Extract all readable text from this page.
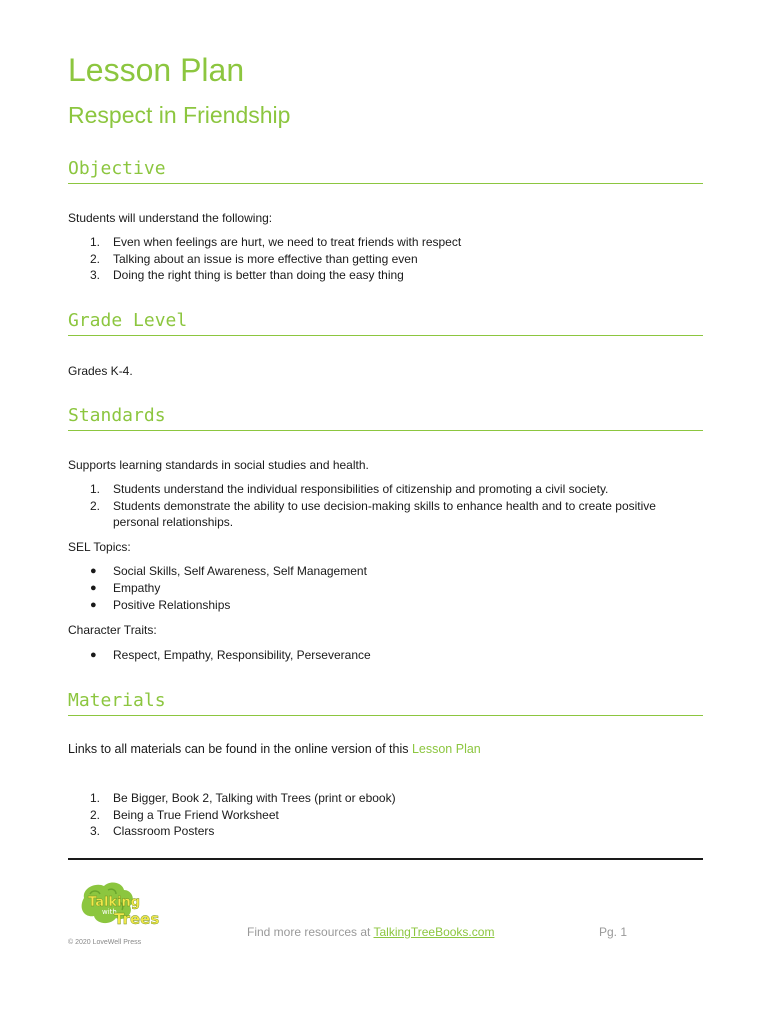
Lesson Plan
Respect in Friendship
Objective

Students will understand the following:

1. Even when feelings are hurt, we need to treat friends with respect
2. Talking about an issue is more effective than getting even
3. Doing the right thing is better than doing the easy thing
Grade Level

Grades K-4.

Standards

Supports learning standards in social studies and health.

1. Students understand the individual responsibilities of citizenship and promoting a civil society.
2. Students demonstrate the ability to use decision-making skills to enhance health and to create positive personal relationships.

SEL Topics:

● Social Skills, Self Awareness, Self Management
● Empathy
● Positive Relationships

Character Traits:

● Respect, Empathy, Responsibility, Perseverance
Materials

Links to all materials can be found in the online version of this Lesson Plan

1. Be Bigger, Book 2, Talking with Trees (print or ebook)
2. Being a True Friend Worksheet
3. Classroom Posters
Talking
with
Trees

© 2020 LoveWell Press

Find more resources at TalkingTreeBooks.com	Pg. 1
